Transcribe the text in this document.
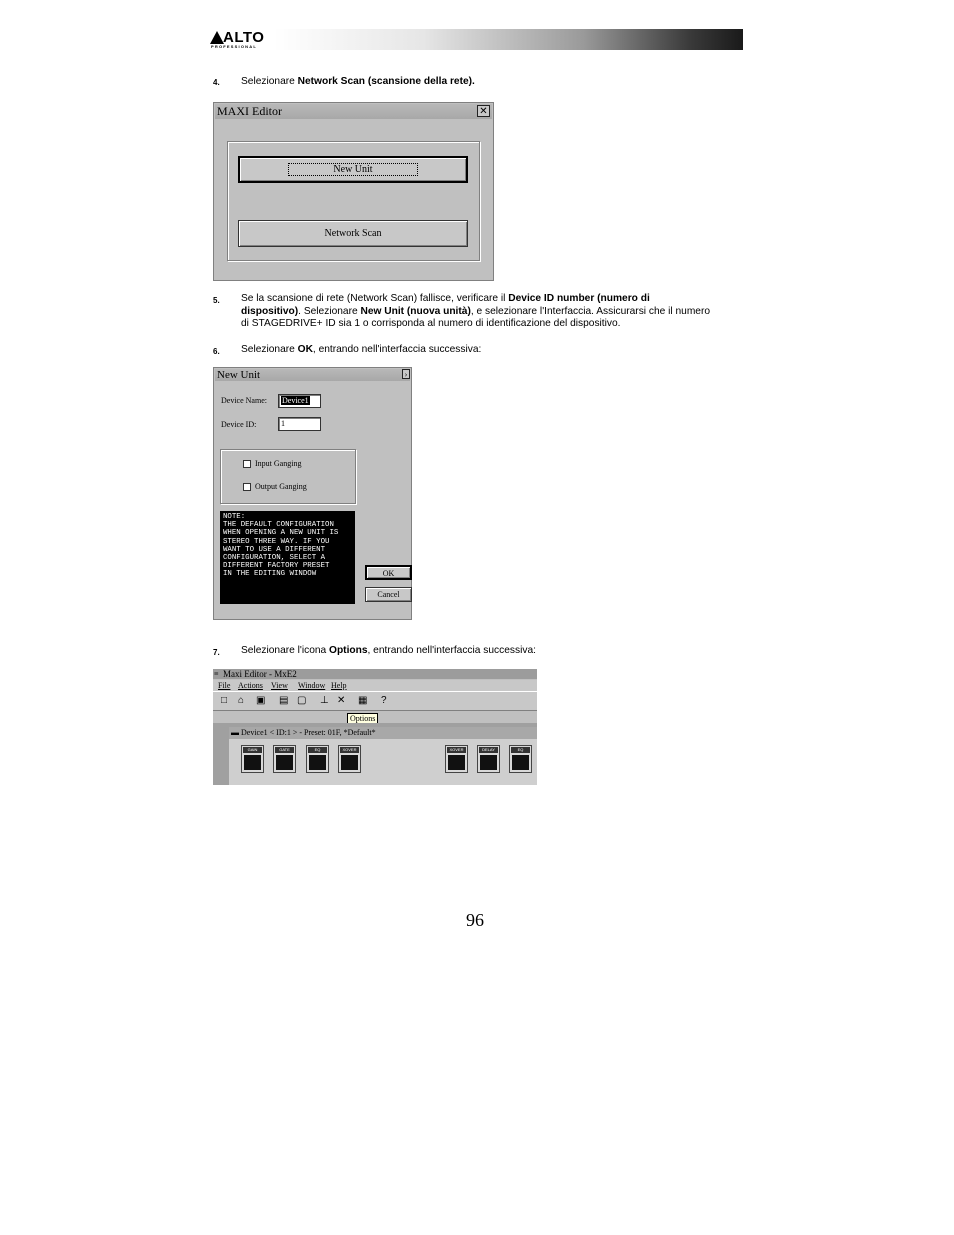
ALTO
PROFESSIONAL
4. Selezionare Network Scan (scansione della rete).
MAXI Editor	✕
New Unit
Network Scan
5. Se la scansione di rete (Network Scan) fallisce, verificare il Device ID number (numero di dispositivo). Selezionare New Unit (nuova unità), e selezionare l'Interfaccia. Assicurarsi che il numero di STAGEDRIVE+ ID sia 1 o corrisponda al numero di identificazione del dispositivo.
6. Selezionare OK, entrando nell'interfaccia successiva:
New Unit	›
Device Name:	Device1
Device ID:	1
Input Ganging
Output Ganging
NOTE:
THE DEFAULT CONFIGURATION
WHEN OPENING A NEW UNIT IS
STEREO THREE WAY. IF YOU
WANT TO USE A DIFFERENT
CONFIGURATION, SELECT A
DIFFERENT FACTORY PRESET
IN THE EDITING WINDOW	OK
Cancel
7. Selezionare l'icona Options, entrando nell'interfaccia successiva:
≡ Maxi Editor - MxE2
File Actions View Window Help
□ ⌂ ▣ ▤ ▢ ⊥ ✕ ▦ ?
Options
▬ Device1 < ID:1 > - Preset: 01F, *Default*
GAIN	GATE	EQ	XOVER	XOVER	DELAY	EQ
96
